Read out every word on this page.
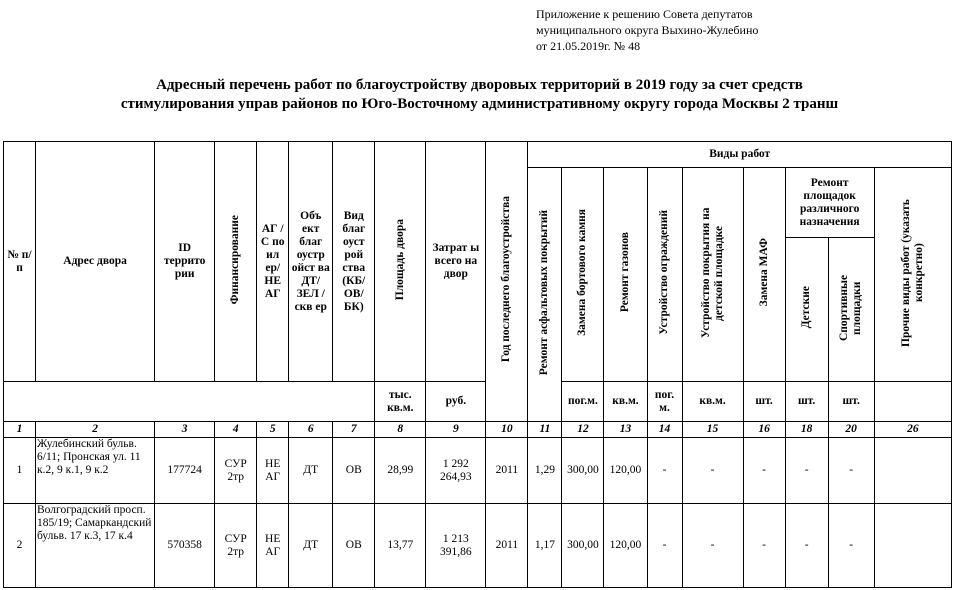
Приложение к решению Совета депутатов
муниципального округа Выхино-Жулебино
от 21.05.2019г. № 48
Адресный перечень работ по благоустройству дворовых территорий в 2019 году за счет средств
стимулирования управ районов по Юго-Восточному административному округу города Москвы 2 транш
№ п/п	Адрес двора	ID террито рии	Финансирование	АГ /С по ил ер/ НЕ АГ	Объ ект благ оустр ойст ва ДТ/ ЗЕЛ /скв ер	Вид благ оуст рой ства (КБ/ ОВ/ БК)	Площадь двора	Затрат ы всего на двор	Год последнего благоустройства	Виды работ								
										Ремонт асфальтовых покрытий	Замена бортового камня	Ремонт газонов	Устройство ограждений	Устройство покрытия на детской площадке	Замена МАФ	Ремонт площадок различного назначения		Прочие виды работ (указать конкретно)
																Детские	Спортивные площадки	
							тыс. кв.м.	руб.			пог.м.	кв.м.	пог. м.	кв.м.	шт.	шт.	шт.	
1	2	3	4	5	6	7	8	9	10	11	12	13	14	15	16	18	20	26
1	Жулебинский бульв. 6/11; Пронская ул. 11 к.2, 9 к.1, 9 к.2	177724	СУР 2тр	НЕ АГ	ДТ	ОВ	28,99	1 292 264,93	2011	1,29	300,00	120,00	-	-	-	-	-	
2	Волгоградский просп. 185/19; Самаркандский бульв. 17 к.3, 17 к.4	570358	СУР 2тр	НЕ АГ	ДТ	ОВ	13,77	1 213 391,86	2011	1,17	300,00	120,00	-	-	-	-	-	
